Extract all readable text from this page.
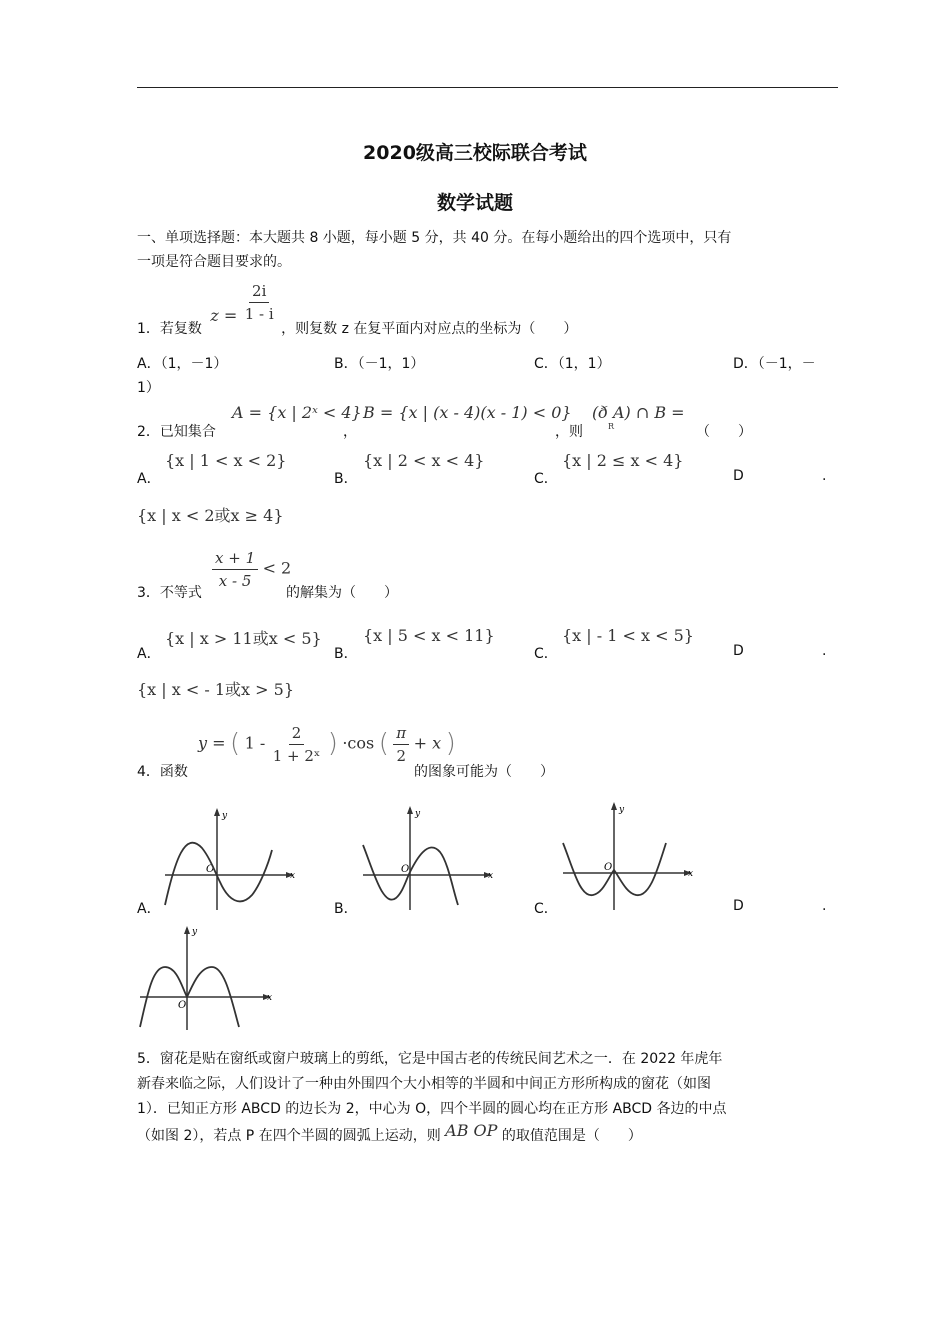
2020级高三校际联合考试
数学试题
一、单项选择题：本大题共 8 小题，每小题 5 分，共 40 分。在每小题给出的四个选项中，只有
一项是符合题目要求的。
1．若复数 $z = \frac{2i}{1 - i}$
，则复数 z 在复平面内对应点的坐标为（　　）
A．（1，－1）	B．（－1，1）	C．（1，1）	D．（－1，－
1）
2．已知集合
A = {x | 2ˣ < 4}
，
B = {x | (x - 4)(x - 1) < 0}
，则
(ð A) ∩ B =
R	（　　）
A．
{x | 1 < x < 2}
B．
{x | 2 < x < 4}
C．
{x | 2 ≤ x < 4}
D	.
{x | x < 2或x ≥ 4}
3．不等式
$\frac{x + 1}{x - 5} < 2$
的解集为（　　）
A．
{x | x > 11或x < 5}
B．
{x | 5 < x < 11}
C．
{x | - 1 < x < 5}
D	.
{x | x < - 1或x > 5}
4．函数
y = ( $1 - \frac{2}{\text{1 + 2ˣ}}$ ) ·cos ( $\frac{\pi}{2} + x$ )
的图象可能为（　　）
x
y
O
A．
x
y
O
B．
x
y
O
C．	D	.
x
y
O
5．窗花是贴在窗纸或窗户玻璃上的剪纸，它是中国古老的传统民间艺术之一．在 2022 年虎年
新春来临之际，人们设计了一种由外围四个大小相等的半圆和中间正方形所构成的窗花（如图
1）．已知正方形 ABCD 的边长为 2，中心为 O，四个半圆的圆心均在正方形 ABCD 各边的中点
（如图 2），若点 P 在四个半圆的圆弧上运动，则 AB OP 的取值范围是（　　）
